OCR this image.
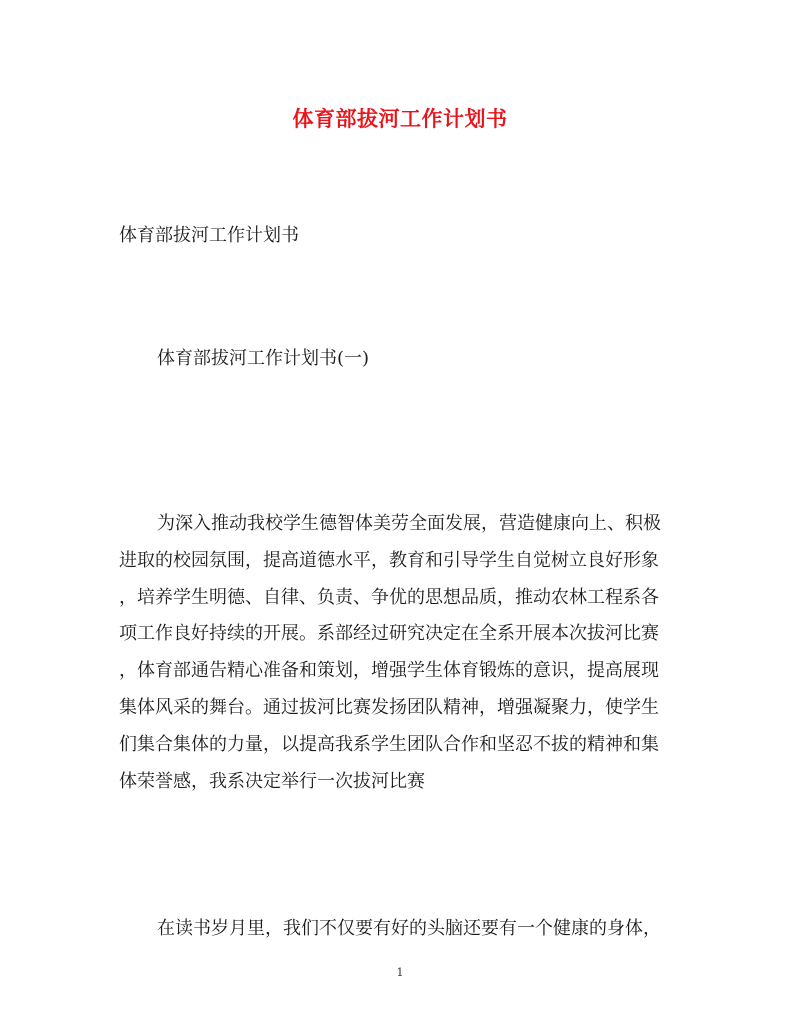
体育部拔河工作计划书
体育部拔河工作计划书
体育部拔河工作计划书(一)
为深入推动我校学生德智体美劳全面发展，营造健康向上、积极
进取的校园氛围，提高道德水平，教育和引导学生自觉树立良好形象
，培养学生明德、自律、负责、争优的思想品质，推动农林工程系各
项工作良好持续的开展。系部经过研究决定在全系开展本次拔河比赛
，体育部通告精心准备和策划，增强学生体育锻炼的意识，提高展现
集体风采的舞台。通过拔河比赛发扬团队精神，增强凝聚力，使学生
们集合集体的力量，以提高我系学生团队合作和坚忍不拔的精神和集
体荣誉感，我系决定举行一次拔河比赛
在读书岁月里，我们不仅要有好的头脑还要有一个健康的身体，
1
